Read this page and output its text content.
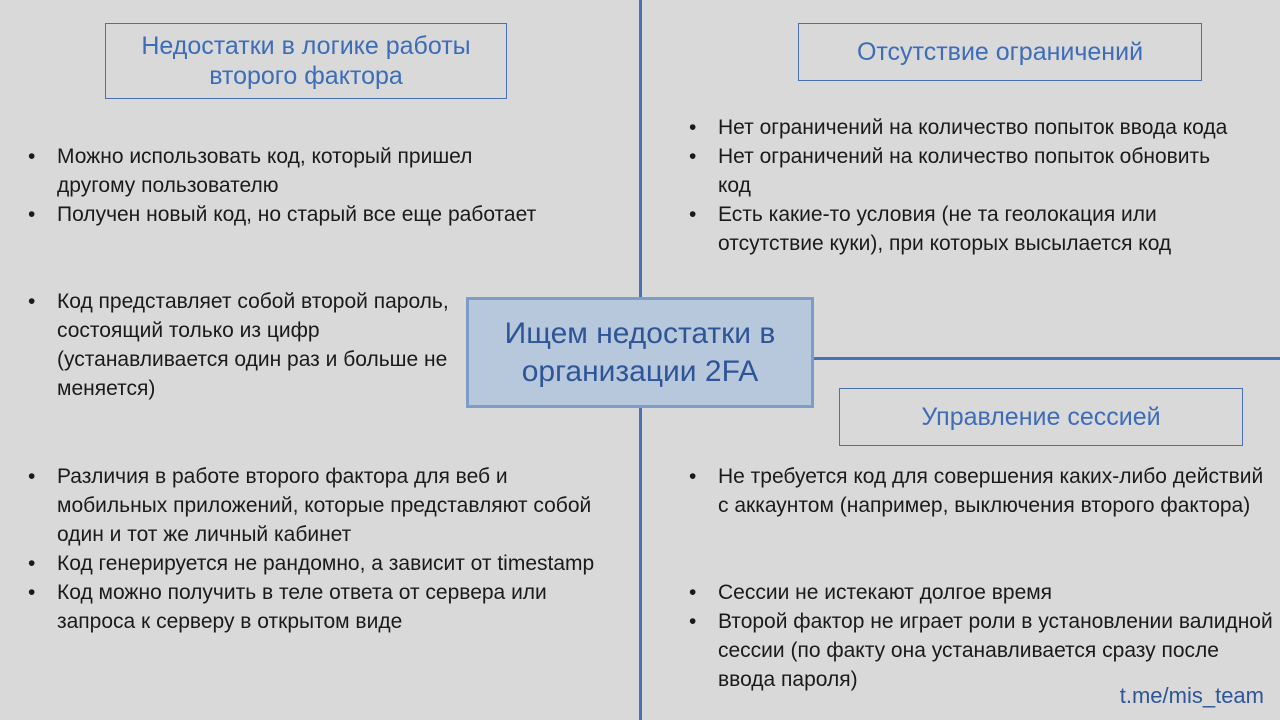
Недостатки в логике работы
второго фактора
Отсутствие ограничений
Управление сессией
• Можно использовать код, который пришел другому пользователю
• Получен новый код, но старый все еще работает
• Код представляет собой второй пароль, состоящий только из цифр (устанавливается один раз и больше не меняется)
• Нет ограничений на количество попыток ввода кода
• Нет ограничений на количество попыток обновить код
• Есть какие-то условия (не та геолокация или отсутствие куки), при которых высылается код
• Различия в работе второго фактора для веб и мобильных приложений, которые представляют собой один и тот же личный кабинет
• Код генерируется не рандомно, а зависит от timestamp
• Код можно получить в теле ответа от сервера или запроса к серверу в открытом виде
• Не требуется код для совершения каких-либо действий с аккаунтом (например, выключения второго фактора)
• Сессии не истекают долгое время
• Второй фактор не играет роли в установлении валидной сессии (по факту она устанавливается сразу после ввода пароля)
Ищем недостатки в
организации 2FA
t.me/mis_team
